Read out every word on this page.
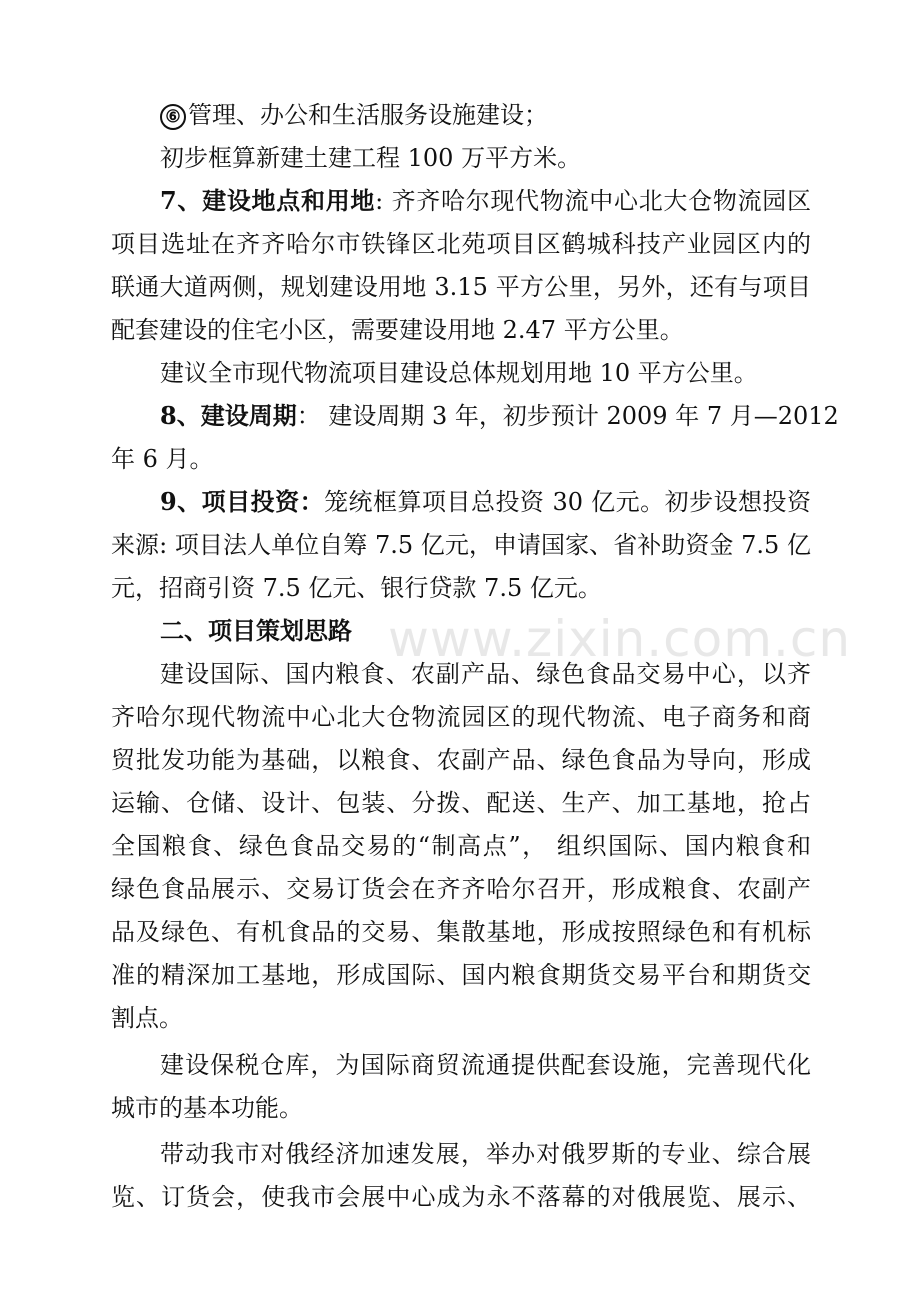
⑥ 管理、办公和生活服务设施建设；
初步框算新建土建工程 100 万平方米。
7、建设地点和用地: 齐齐哈尔现代物流中心北大仓物流园区
项目选址在齐齐哈尔市铁锋区北苑项目区鹤城科技产业园区内的
联通大道两侧，规划建设用地 3.15 平方公里，另外，还有与项目
配套建设的住宅小区，需要建设用地 2.47 平方公里。
建议全市现代物流项目建设总体规划用地 10 平方公里。
8、建设周期： 建设周期 3 年，初步预计 2009 年 7 月—2012
年 6 月。
9、项目投资：笼统框算项目总投资 30 亿元。初步设想投资
来源: 项目法人单位自筹 7.5 亿元，申请国家、省补助资金 7.5 亿
元，招商引资 7.5 亿元、银行贷款 7.5 亿元。
二、项目策划思路
建设国际、国内粮食、农副产品、绿色食品交易中心，以齐
齐哈尔现代物流中心北大仓物流园区的现代物流、电子商务和商
贸批发功能为基础，以粮食、农副产品、绿色食品为导向，形成
运输、仓储、设计、包装、分拨、配送、生产、加工基地，抢占
全国粮食、绿色食品交易的“制高点”， 组织国际、国内粮食和
绿色食品展示、交易订货会在齐齐哈尔召开，形成粮食、农副产
品及绿色、有机食品的交易、集散基地，形成按照绿色和有机标
准的精深加工基地，形成国际、国内粮食期货交易平台和期货交
割点。
建设保税仓库，为国际商贸流通提供配套设施，完善现代化
城市的基本功能。
带动我市对俄经济加速发展，举办对俄罗斯的专业、综合展
览、订货会，使我市会展中心成为永不落幕的对俄展览、展示、
www.zixin.com.cn
